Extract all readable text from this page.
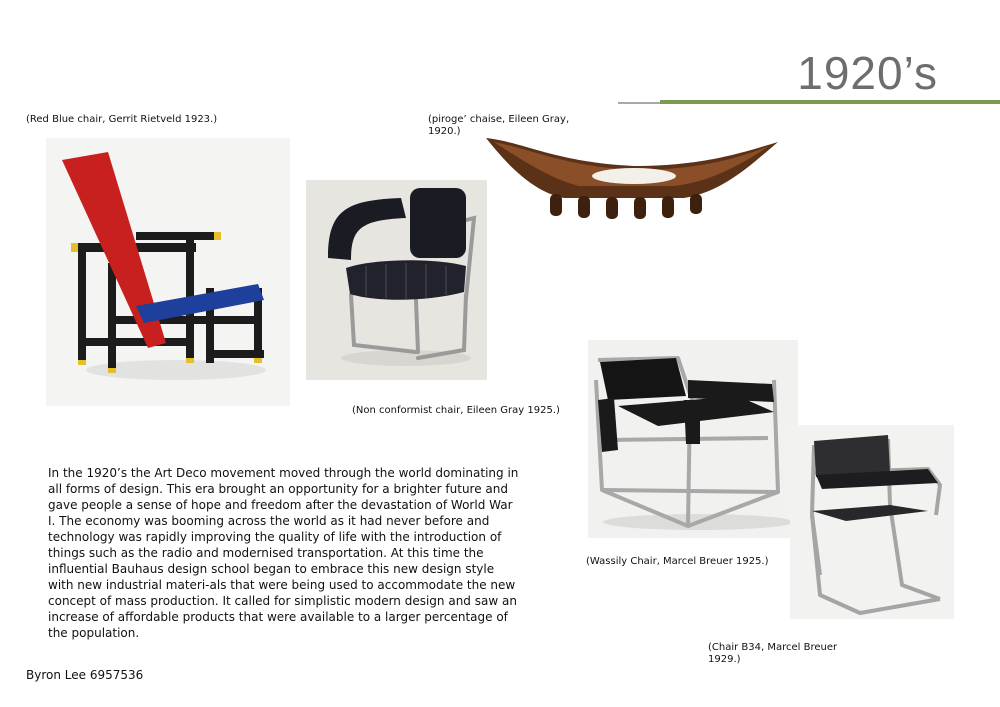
1920’s
(Red Blue chair, Gerrit Rietveld 1923.)
(Non conformist chair, Eileen Gray 1925.)
(piroge’ chaise, Eileen Gray,
1920.)
(Wassily Chair, Marcel Breuer 1925.)
(Chair B34, Marcel Breuer
1929.)
In the 1920’s the Art Deco movement moved through the world dominating in all forms of design. This era brought an opportunity for a brighter future and gave people a sense of hope and freedom after the devastation of World War I. The economy was booming across the world as it had never before and technology was rapidly improving the quality of life with the introduction of things such as the radio and modernised transportation. At this time the influential Bauhaus design school began to embrace this new design style with new industrial materi-als that were being used to accommodate the new concept of mass production. It called for simplistic modern design and saw an increase of affordable products that were available to a larger percentage of the population.
Byron Lee 6957536
